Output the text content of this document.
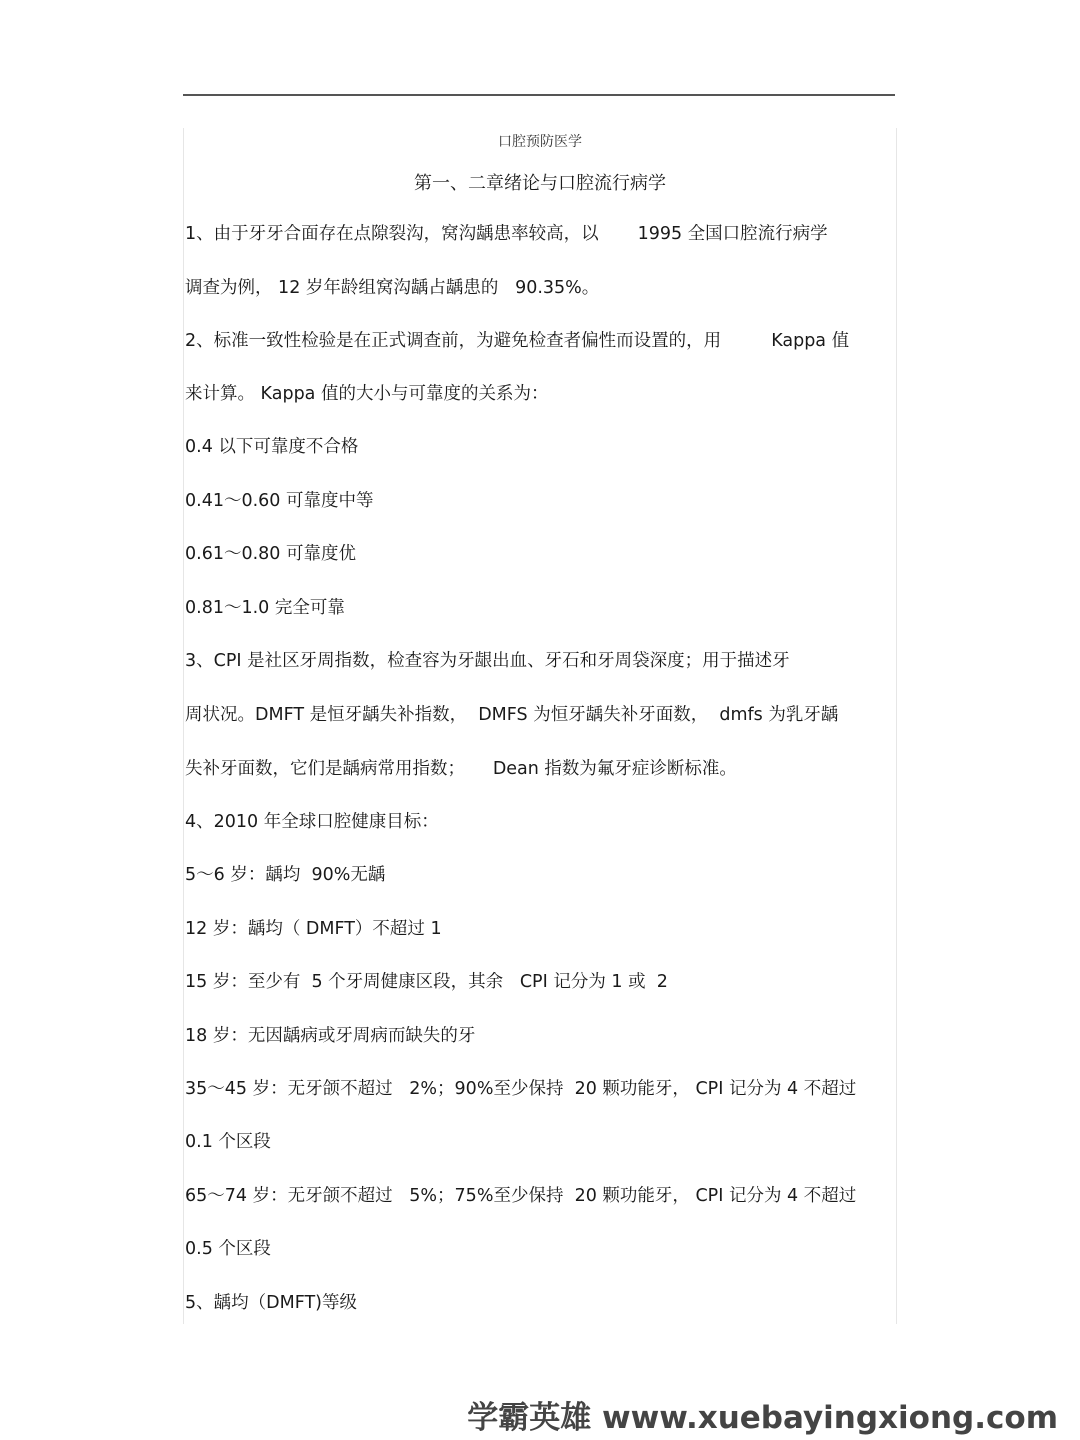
口腔预防医学
第一、二章绪论与口腔流行病学
1、由于牙牙合面存在点隙裂沟，窝沟龋患率较高，以       1995 全国口腔流行病学
调查为例， 12 岁年龄组窝沟龋占龋患的   90.35%。
2、标准一致性检验是在正式调查前，为避免检查者偏性而设置的，用         Kappa 值
来计算。 Kappa 值的大小与可靠度的关系为：
0.4 以下可靠度不合格
0.41～0.60 可靠度中等
0.61～0.80 可靠度优
0.81～1.0 完全可靠
3、CPI 是社区牙周指数，检查容为牙龈出血、牙石和牙周袋深度；用于描述牙
周状况。DMFT 是恒牙龋失补指数，  DMFS 为恒牙龋失补牙面数，  dmfs 为乳牙龋
失补牙面数，它们是龋病常用指数；     Dean 指数为氟牙症诊断标准。
4、2010 年全球口腔健康目标：
5～6 岁：龋均  90%无龋
12 岁：龋均（ DMFT）不超过 1
15 岁：至少有  5 个牙周健康区段，其余   CPI 记分为 1 或  2
18 岁：无因龋病或牙周病而缺失的牙
35～45 岁：无牙颌不超过   2%；90%至少保持  20 颗功能牙， CPI 记分为 4 不超过
0.1 个区段
65～74 岁：无牙颌不超过   5%；75%至少保持  20 颗功能牙， CPI 记分为 4 不超过
0.5 个区段
5、龋均（DMFT)等级
学霸英雄 www.xuebayingxiong.com
